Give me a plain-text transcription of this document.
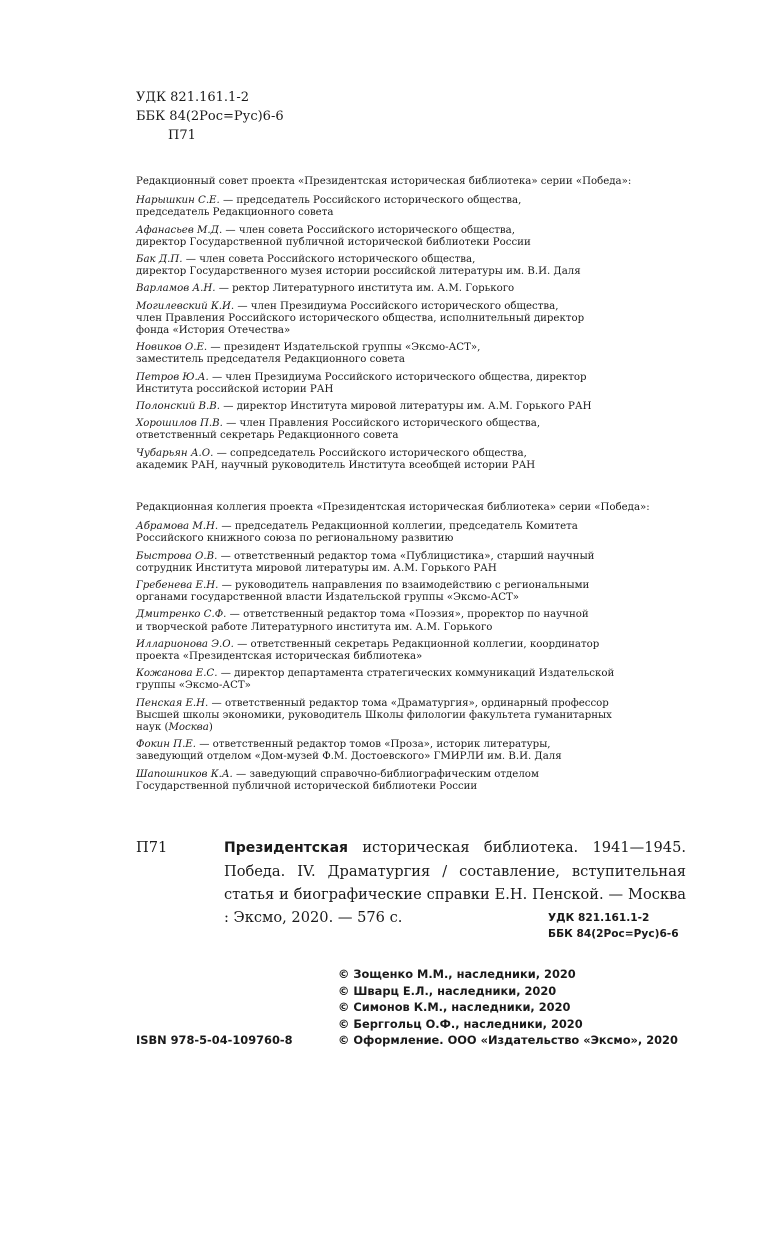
УДК 821.161.1-2
ББК 84(2Рос=Рус)6-6
П71
Редакционный совет проекта «Президентская историческая библиотека» серии «Победа»:
Нарышкин С.Е. — председатель Российского исторического общества,
председатель Редакционного совета
Афанасьев М.Д. — член совета Российского исторического общества,
директор Государственной публичной исторической библиотеки России
Бак Д.П. — член совета Российского исторического общества,
директор Государственного музея истории российской литературы им. В.И. Даля
Варламов А.Н. — ректор Литературного института им. А.М. Горького
Могилевский К.И. — член Президиума Российского исторического общества,
член Правления Российского исторического общества, исполнительный директор
фонда «История Отечества»
Новиков О.Е. — президент Издательской группы «Эксмо-АСТ»,
заместитель председателя Редакционного совета
Петров Ю.А. — член Президиума Российского исторического общества, директор
Института российской истории РАН
Полонский В.В. — директор Института мировой литературы им. А.М. Горького РАН
Хорошилов П.В. — член Правления Российского исторического общества,
ответственный секретарь Редакционного совета
Чубарьян А.О. — сопредседатель Российского исторического общества,
академик РАН, научный руководитель Института всеобщей истории РАН
Редакционная коллегия проекта «Президентская историческая библиотека» серии «Победа»:
Абрамова М.Н. — председатель Редакционной коллегии, председатель Комитета
Российского книжного союза по региональному развитию
Быстрова О.В. — ответственный редактор тома «Публицистика», старший научный
сотрудник Института мировой литературы им. А.М. Горького РАН
Гребенева Е.Н. — руководитель направления по взаимодействию с региональными
органами государственной власти Издательской группы «Эксмо-АСТ»
Дмитренко С.Ф. — ответственный редактор тома «Поэзия», проректор по научной
и творческой работе Литературного института им. А.М. Горького
Илларионова Э.О. — ответственный секретарь Редакционной коллегии, координатор
проекта «Президентская историческая библиотека»
Кожанова Е.С. — директор департамента стратегических коммуникаций Издательской
группы «Эксмо-АСТ»
Пенская Е.Н. — ответственный редактор тома «Драматургия», ординарный профессор
Высшей школы экономики, руководитель Школы филологии факультета гуманитарных
наук (Москва)
Фокин П.Е. — ответственный редактор томов «Проза», историк литературы,
заведующий отделом «Дом-музей Ф.М. Достоевского» ГМИРЛИ им. В.И. Даля
Шапошников К.А. — заведующий справочно-библиографическим отделом
Государственной публичной исторической библиотеки России
П71	Президентская историческая библиотека. 1941—1945. Победа. IV. Драматургия / составление, вступительная статья и биографические справки Е.Н. Пенской. — Москва : Эксмо, 2020. — 576 с.	УДК 821.161.1-2
ББК 84(2Рос=Рус)6-6
© Зощенко М.М., наследники, 2020
© Шварц Е.Л., наследники, 2020
© Симонов К.М., наследники, 2020
© Берггольц О.Ф., наследники, 2020
© Оформление. ООО «Издательство «Эксмо», 2020
ISBN 978-5-04-109760-8
